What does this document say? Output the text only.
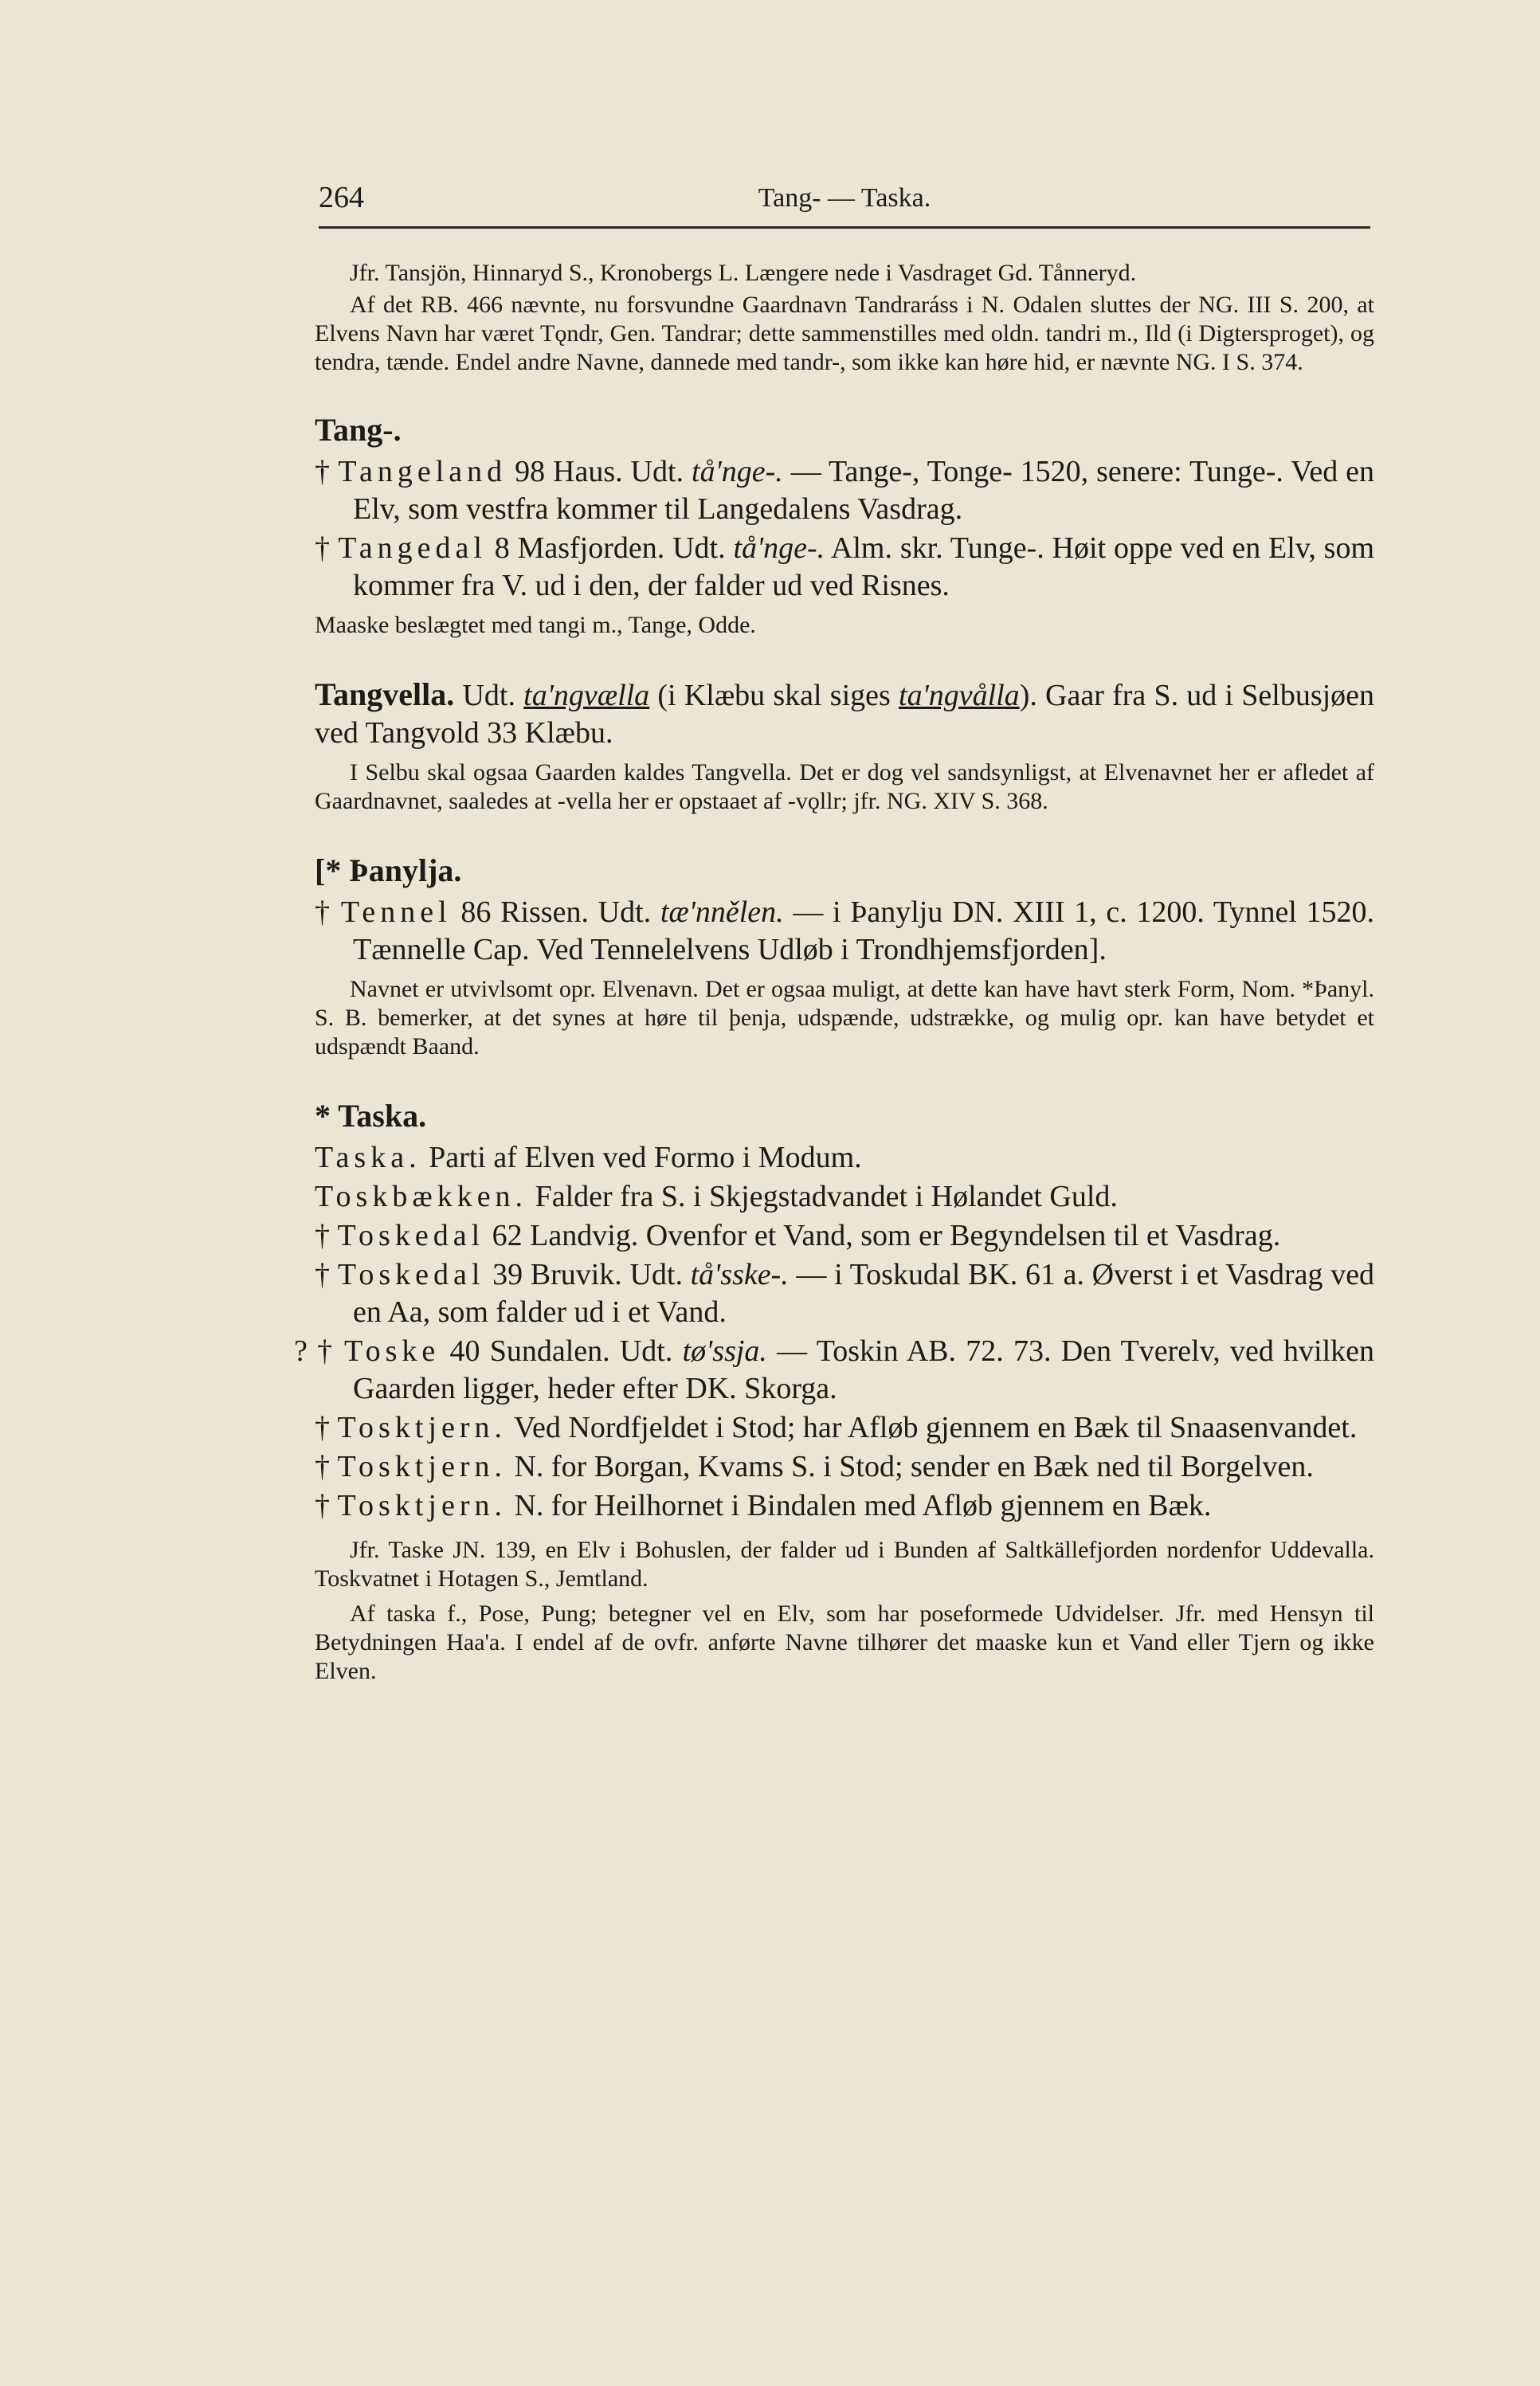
264	Tang- — Taska.

Jfr. Tansjön, Hinnaryd S., Kronobergs L. Længere nede i Vasdraget Gd. Tånneryd.

Af det RB. 466 nævnte, nu forsvundne Gaardnavn Tandraráss i N. Odalen sluttes der NG. III S. 200, at Elvens Navn har været Tǫndr, Gen. Tandrar; dette sammenstilles med oldn. tandri m., Ild (i Digtersproget), og tendra, tænde. Endel andre Navne, dannede med tandr-, som ikke kan høre hid, er nævnte NG. I S. 374.

Tang-.

† Tangeland 98 Haus. Udt. tå'nge-. — Tange-, Tonge- 1520, senere: Tunge-. Ved en Elv, som vestfra kommer til Langedalens Vasdrag.

† Tangedal 8 Masfjorden. Udt. tå'nge-. Alm. skr. Tunge-. Høit oppe ved en Elv, som kommer fra V. ud i den, der falder ud ved Risnes.

Maaske beslægtet med tangi m., Tange, Odde.

Tangvella. Udt. ta'ngvælla (i Klæbu skal siges ta'ngvålla). Gaar fra S. ud i Selbusjøen ved Tangvold 33 Klæbu.

I Selbu skal ogsaa Gaarden kaldes Tangvella. Det er dog vel sandsynligst, at Elvenavnet her er afledet af Gaardnavnet, saaledes at -vella her er opstaaet af -vǫllr; jfr. NG. XIV S. 368.

[* Þanylja.

† Tennel 86 Rissen. Udt. tæ'nnělen. — i Þanylju DN. XIII 1, c. 1200. Tynnel 1520. Tænnelle Cap. Ved Tennelelvens Udløb i Trondhjemsfjorden].

Navnet er utvivlsomt opr. Elvenavn. Det er ogsaa muligt, at dette kan have havt sterk Form, Nom. *Þanyl. S. B. bemerker, at det synes at høre til þenja, udspænde, udstrække, og mulig opr. kan have betydet et udspændt Baand.

* Taska.

Taska. Parti af Elven ved Formo i Modum.

Toskbækken. Falder fra S. i Skjegstadvandet i Hølandet Guld.

† Toskedal 62 Landvig. Ovenfor et Vand, som er Begyndelsen til et Vasdrag.

† Toskedal 39 Bruvik. Udt. tå'sske-. — i Toskudal BK. 61 a. Øverst i et Vasdrag ved en Aa, som falder ud i et Vand.

? † Toske 40 Sundalen. Udt. tø'ssja. — Toskin AB. 72. 73. Den Tverelv, ved hvilken Gaarden ligger, heder efter DK. Skorga.

† Tosktjern. Ved Nordfjeldet i Stod; har Afløb gjennem en Bæk til Snaasenvandet.

† Tosktjern. N. for Borgan, Kvams S. i Stod; sender en Bæk ned til Borgelven.

† Tosktjern. N. for Heilhornet i Bindalen med Afløb gjennem en Bæk.

Jfr. Taske JN. 139, en Elv i Bohuslen, der falder ud i Bunden af Saltkällefjorden nordenfor Uddevalla. Toskvatnet i Hotagen S., Jemtland.

Af taska f., Pose, Pung; betegner vel en Elv, som har poseformede Udvidelser. Jfr. med Hensyn til Betydningen Haa'a. I endel af de ovfr. anførte Navne tilhører det maaske kun et Vand eller Tjern og ikke Elven.
